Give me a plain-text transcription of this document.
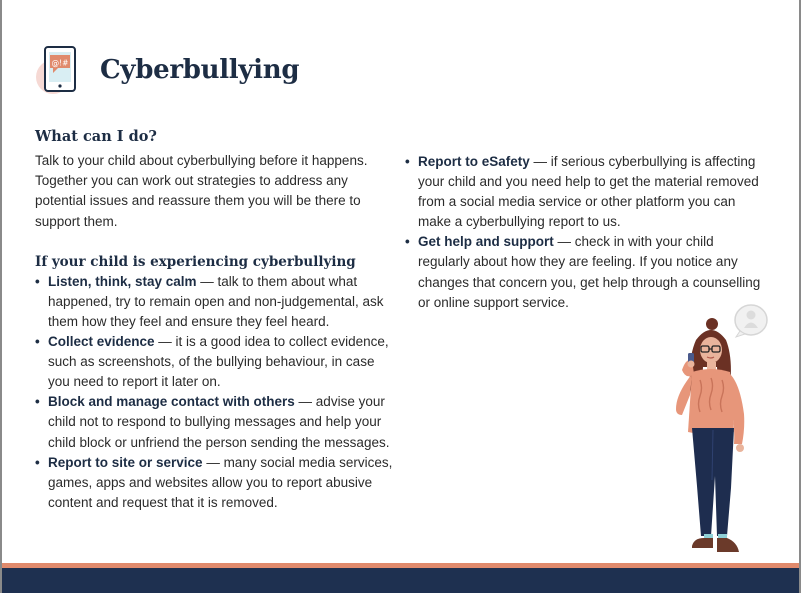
@!# Cyberbullying
What can I do?

Talk to your child about cyberbullying before it happens. Together you can work out strategies to address any potential issues and reassure them you will be there to support them.

If your child is experiencing cyberbullying
• Listen, think, stay calm — talk to them about what happened, try to remain open and non-judgemental, ask them how they feel and ensure they feel heard.
• Collect evidence — it is a good idea to collect evidence, such as screenshots, of the bullying behaviour, in case you need to report it later on.
• Block and manage contact with others — advise your child not to respond to bullying messages and help your child block or unfriend the person sending the messages.
• Report to site or service — many social media services, games, apps and websites allow you to report abusive content and request that it is removed.
• Report to eSafety — if serious cyberbullying is affecting your child and you need help to get the material removed from a social media service or other platform you can make a cyberbullying report to us.
• Get help and support — check in with your child regularly about how they are feeling. If you notice any changes that concern you, get help through a counselling or online support service.
